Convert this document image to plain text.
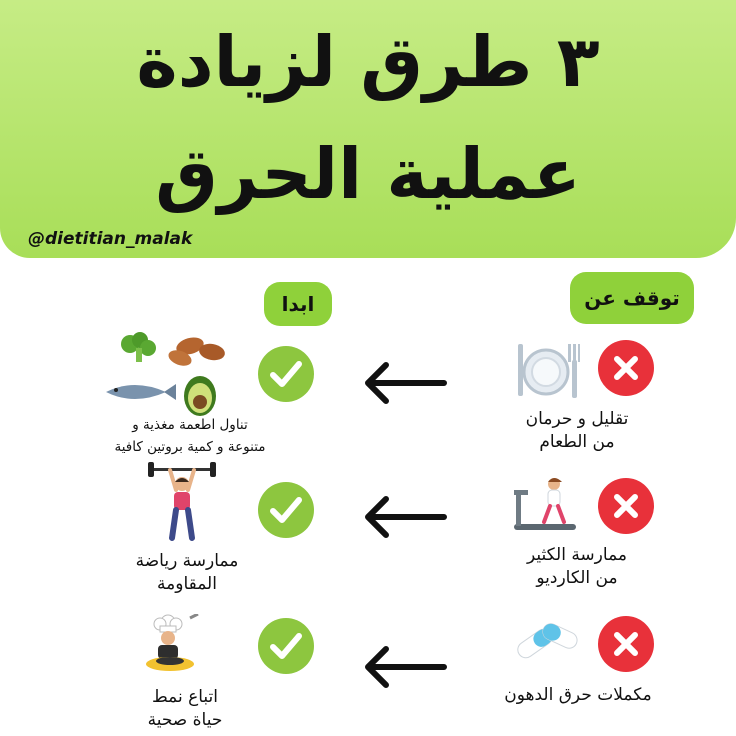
٣ طرق لزيادة
عملية الحرق
@dietitian_malak
توقف عن
ابدا
تقليل و حرمان
من الطعام
تناول اطعمة مغذية و
متنوعة و كمية بروتين كافية
ممارسة الكثير
من الكارديو
ممارسة رياضة
المقاومة
مكملات حرق الدهون
اتباع نمط
حياة صحية
